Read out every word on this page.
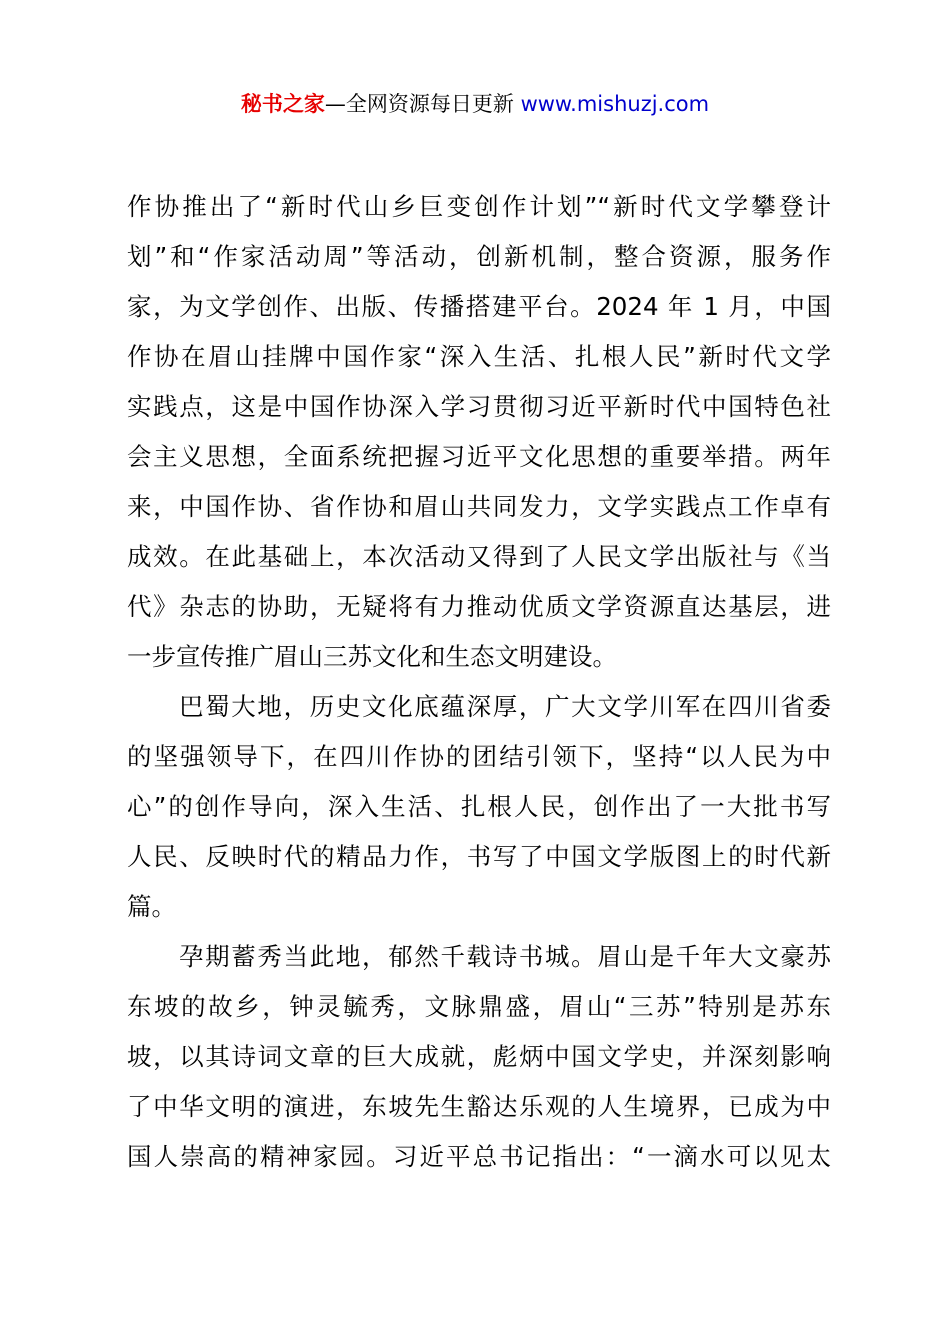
秘书之家—全网资源每日更新 www.mishuzj.com
作协推出了“新时代山乡巨变创作计划”“新时代文学攀登计
划”和“作家活动周”等活动，创新机制，整合资源，服务作
家，为文学创作、出版、传播搭建平台。2024 年 1 月，中国
作协在眉山挂牌中国作家“深入生活、扎根人民”新时代文学
实践点，这是中国作协深入学习贯彻习近平新时代中国特色社
会主义思想，全面系统把握习近平文化思想的重要举措。两年
来，中国作协、省作协和眉山共同发力，文学实践点工作卓有
成效。在此基础上，本次活动又得到了人民文学出版社与《当
代》杂志的协助，无疑将有力推动优质文学资源直达基层，进
一步宣传推广眉山三苏文化和生态文明建设。
巴蜀大地，历史文化底蕴深厚，广大文学川军在四川省委
的坚强领导下，在四川作协的团结引领下，坚持“以人民为中
心”的创作导向，深入生活、扎根人民，创作出了一大批书写
人民、反映时代的精品力作，书写了中国文学版图上的时代新
篇。
孕期蓄秀当此地，郁然千载诗书城。眉山是千年大文豪苏
东坡的故乡，钟灵毓秀，文脉鼎盛，眉山“三苏”特别是苏东
坡，以其诗词文章的巨大成就，彪炳中国文学史，并深刻影响
了中华文明的演进，东坡先生豁达乐观的人生境界，已成为中
国人崇高的精神家园。习近平总书记指出：“一滴水可以见太
